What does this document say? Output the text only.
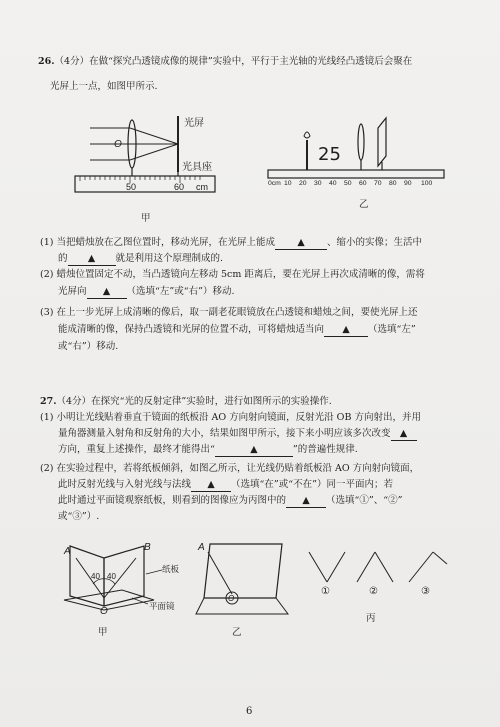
26.（4分）在做“探究凸透镜成像的规律”实验中，平行于主光轴的光线经凸透镜后会聚在
光屏上一点，如图甲所示.
O
光屏
光具座
50	60 cm
甲
25
0cm 10 20 30 40 50 60 70 80 90 100
乙
(1) 当把蜡烛放在乙图位置时，移动光屏，在光屏上能成 ▲ 、缩小的实像；生活中
的 ▲ 就是利用这个原理制成的.
(2) 蜡烛位置固定不动，当凸透镜向左移动 5cm 距离后，要在光屏上再次成清晰的像，需将
光屏向 ▲ （选填“左”或“右”）移动.
(3) 在上一步光屏上成清晰的像后，取一副老花眼镜放在凸透镜和蜡烛之间，要使光屏上还
能成清晰的像，保持凸透镜和光屏的位置不动，可将蜡烛适当向 ▲ （选填“左”
或“右”）移动.
27.（4分）在探究“光的反射定律”实验时，进行如图所示的实验操作.
(1) 小明让光线贴着垂直于镜面的纸板沿 AO 方向射向镜面，反射光沿 OB 方向射出，并用
量角器测量入射角和反射角的大小，结果如图甲所示，接下来小明应该多次改变 ▲
方向，重复上述操作，最终才能得出“	▲	”的普遍性规律.
(2) 在实验过程中，若将纸板倾斜，如图乙所示，让光线仍贴着纸板沿 AO 方向射向镜面，
此时反射光线与入射光线与法线 ▲ （选填“在”或“不在”）同一平面内；若
此时通过平面镜观察纸板，则看到的图像应为丙图中的 ▲ （选填“①”、“②”
或“③”）.
A	B
O
40 40
纸板
平面镜
甲
A
O
乙
①	②	③
丙
6
